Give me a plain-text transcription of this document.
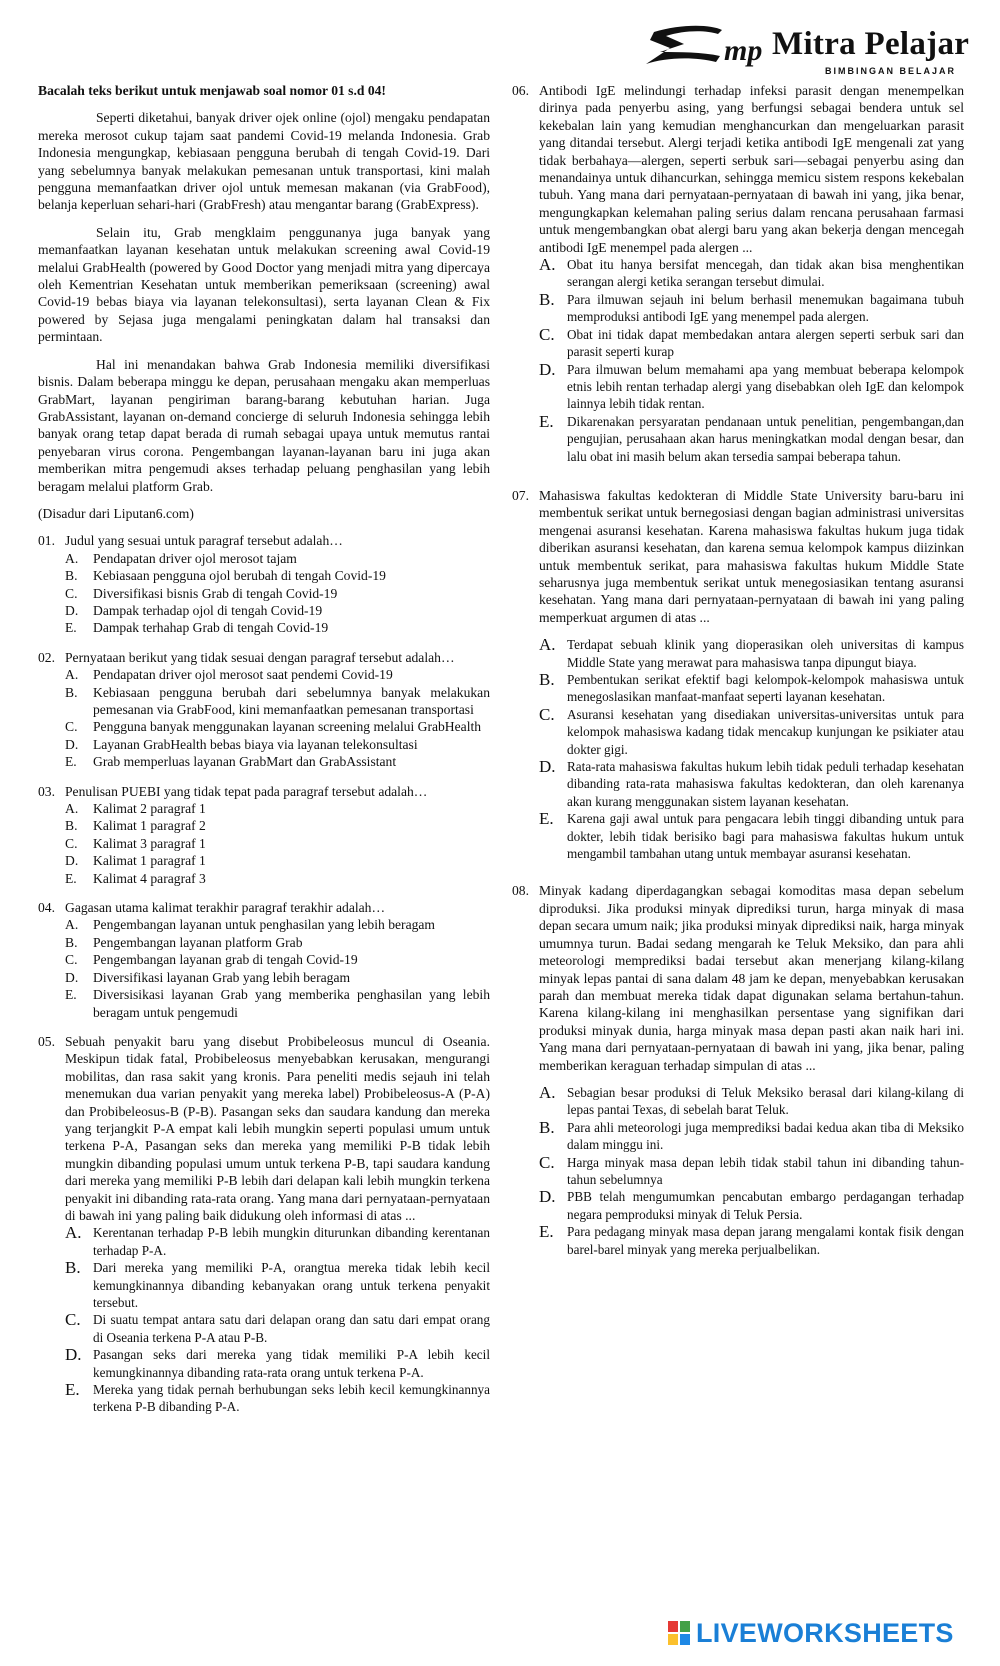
mp Mitra Pelajar
BIMBINGAN BELAJAR

Bacalah teks berikut untuk menjawab soal nomor 01 s.d 04!

Seperti diketahui, banyak driver ojek online (ojol) mengaku pendapatan mereka merosot cukup tajam saat pandemi Covid-19 melanda Indonesia. Grab Indonesia mengungkap, kebiasaan pengguna berubah di tengah Covid-19. Dari yang sebelumnya banyak melakukan pemesanan untuk transportasi, kini malah pengguna memanfaatkan driver ojol untuk memesan makanan (via GrabFood), belanja keperluan sehari-hari (GrabFresh) atau mengantar barang (GrabExpress).

Selain itu, Grab mengklaim penggunanya juga banyak yang memanfaatkan layanan kesehatan untuk melakukan screening awal Covid-19 melalui GrabHealth (powered by Good Doctor yang menjadi mitra yang dipercaya oleh Kementrian Kesehatan untuk memberikan pemeriksaan (screening) awal Covid-19 bebas biaya via layanan telekonsultasi), serta layanan Clean & Fix powered by Sejasa juga mengalami peningkatan dalam hal transaksi dan permintaan.

Hal ini menandakan bahwa Grab Indonesia memiliki diversifikasi bisnis. Dalam beberapa minggu ke depan, perusahaan mengaku akan memperluas GrabMart, layanan pengiriman barang-barang kebutuhan harian. Juga GrabAssistant, layanan on-demand concierge di seluruh Indonesia sehingga lebih banyak orang tetap dapat berada di rumah sebagai upaya untuk memutus rantai penyebaran virus corona. Pengembangan layanan-layanan baru ini juga akan memberikan mitra pengemudi akses terhadap peluang penghasilan yang lebih beragam melalui platform Grab.

(Disadur dari Liputan6.com)

01. Judul yang sesuai untuk paragraf tersebut adalah…

A.	Pendapatan driver ojol merosot tajam
B.	Kebiasaan pengguna ojol berubah di tengah Covid-19
C.	Diversifikasi bisnis Grab di tengah Covid-19
D.	Dampak terhadap ojol di tengah Covid-19
E.	Dampak terhahap Grab di tengah Covid-19
02. Pernyataan berikut yang tidak sesuai dengan paragraf tersebut adalah…

A.	Pendapatan driver ojol merosot saat pendemi Covid-19
B.	Kebiasaan pengguna berubah dari sebelumnya banyak melakukan pemesanan via GrabFood, kini memanfaatkan pemesanan transportasi
C.	Pengguna banyak menggunakan layanan screening melalui GrabHealth
D.	Layanan GrabHealth bebas biaya via layanan telekonsultasi
E.	Grab memperluas layanan GrabMart dan GrabAssistant
03. Penulisan PUEBI yang tidak tepat pada paragraf tersebut adalah…

A.	Kalimat 2 paragraf 1
B.	Kalimat 1 paragraf 2
C.	Kalimat 3 paragraf 1
D.	Kalimat 1 paragraf 1
E.	Kalimat 4 paragraf 3
04. Gagasan utama kalimat terakhir paragraf terakhir adalah…

A.	Pengembangan layanan untuk penghasilan yang lebih beragam
B.	Pengembangan layanan platform Grab
C.	Pengembangan layanan grab di tengah Covid-19
D.	Diversifikasi layanan Grab yang lebih beragam
E.	Diversisikasi layanan Grab yang memberika penghasilan yang lebih beragam untuk pengemudi
05. Sebuah penyakit baru yang disebut Probibeleosus muncul di Oseania. Meskipun tidak fatal, Probibeleosus menyebabkan kerusakan, mengurangi mobilitas, dan rasa sakit yang kronis. Para peneliti medis sejauh ini telah menemukan dua varian penyakit yang mereka label) Probibeleosus-A (P-A) dan Probibeleosus-B (P-B). Pasangan seks dan saudara kandung dan mereka yang terjangkit P-A empat kali lebih mungkin seperti populasi umum untuk terkena P-A, Pasangan seks dan mereka yang memiliki P-B tidak lebih mungkin dibanding populasi umum untuk terkena P-B, tapi saudara kandung dari mereka yang memiliki P-B lebih dari delapan kali lebih mungkin terkena penyakit ini dibanding rata-rata orang. Yang mana dari pernyataan-pernyataan di bawah ini yang paling baik didukung oleh informasi di atas ...

A. Kerentanan terhadap P-B lebih mungkin diturunkan dibanding kerentanan terhadap P-A.
B. Dari mereka yang memiliki P-A, orangtua mereka tidak lebih kecil kemungkinannya dibanding kebanyakan orang untuk terkena penyakit tersebut.
C. Di suatu tempat antara satu dari delapan orang dan satu dari empat orang di Oseania terkena P-A atau P-B.
D. Pasangan seks dari mereka yang tidak memiliki P-A lebih kecil kemungkinannya dibanding rata-rata orang untuk terkena P-A.
E.	Mereka yang tidak pernah berhubungan seks lebih kecil kemungkinannya terkena P-B dibanding P-A.
06. Antibodi IgE melindungi terhadap infeksi parasit dengan menempelkan dirinya pada penyerbu asing, yang berfungsi sebagai bendera untuk sel kekebalan lain yang kemudian menghancurkan dan mengeluarkan parasit yang ditandai tersebut. Alergi terjadi ketika antibodi IgE mengenali zat yang tidak berbahaya—alergen, seperti serbuk sari—sebagai penyerbu asing dan menandainya untuk dihancurkan, sehingga memicu sistem respons kekebalan tubuh. Yang mana dari pernyataan-pernyataan di bawah ini yang, jika benar, mengungkapkan kelemahan paling serius dalam rencana perusahaan farmasi untuk mengembangkan obat alergi baru yang akan bekerja dengan mencegah antibodi IgE menempel pada alergen ...

A. Obat itu hanya bersifat mencegah, dan tidak akan bisa menghentikan serangan alergi ketika serangan tersebut dimulai.
B. Para ilmuwan sejauh ini belum berhasil menemukan bagaimana tubuh memproduksi antibodi IgE yang menempel pada alergen.
C. Obat ini tidak dapat membedakan antara alergen seperti serbuk sari dan parasit seperti kurap
D. Para ilmuwan belum memahami apa yang membuat beberapa kelompok etnis lebih rentan terhadap alergi yang disebabkan oleh IgE dan kelompok lainnya lebih tidak rentan.
E.	Dikarenakan persyaratan pendanaan untuk penelitian, pengembangan,dan pengujian, perusahaan akan harus meningkatkan modal dengan besar, dan lalu obat ini masih belum akan tersedia sampai beberapa tahun.
07. Mahasiswa fakultas kedokteran di Middle State University baru-baru ini membentuk serikat untuk bernegosiasi dengan bagian administrasi universitas mengenai asuransi kesehatan. Karena mahasiswa fakultas hukum juga tidak diberikan asuransi kesehatan, dan karena semua kelompok kampus diizinkan untuk membentuk serikat, para mahasiswa fakultas hukum Middle State seharusnya juga membentuk serikat untuk menegosiasikan tentang asuransi kesehatan. Yang mana dari pernyataan-pernyataan di bawah ini yang paling memperkuat argumen di atas ...

A. Terdapat sebuah klinik yang dioperasikan oleh universitas di kampus Middle State yang merawat para mahasiswa tanpa dipungut biaya.
B. Pembentukan serikat efektif bagi kelompok-kelompok mahasiswa untuk menegoslasikan manfaat-manfaat seperti layanan kesehatan.
C. Asuransi kesehatan yang disediakan universitas-universitas untuk para kelompok mahasiswa kadang tidak mencakup kunjungan ke psikiater atau dokter gigi.
D. Rata-rata mahasiswa fakultas hukum lebih tidak peduli terhadap kesehatan dibanding rata-rata mahasiswa fakultas kedokteran, dan oleh karenanya akan kurang menggunakan sistem layanan kesehatan.
E.	Karena gaji awal untuk para pengacara lebih tinggi dibanding untuk para dokter, lebih tidak berisiko bagi para mahasiswa fakultas hukum untuk mengambil tambahan utang untuk membayar asuransi kesehatan.
08. Minyak kadang diperdagangkan sebagai komoditas masa depan sebelum diproduksi. Jika produksi minyak diprediksi turun, harga minyak di masa depan secara umum naik; jika produksi minyak diprediksi naik, harga minyak umumnya turun. Badai sedang mengarah ke Teluk Meksiko, dan para ahli meteorologi memprediksi badai tersebut akan menerjang kilang-kilang minyak lepas pantai di sana dalam 48 jam ke depan, menyebabkan kerusakan parah dan membuat mereka tidak dapat digunakan selama bertahun-tahun. Karena kilang-kilang ini menghasilkan persentase yang signifikan dari produksi minyak dunia, harga minyak masa depan pasti akan naik hari ini. Yang mana dari pernyataan-pernyataan di bawah ini yang, jika benar, paling memberikan keraguan terhadap simpulan di atas ...

A. Sebagian besar produksi di Teluk Meksiko berasal dari kilang-kilang di lepas pantai Texas, di sebelah barat Teluk.
B. Para ahli meteorologi juga memprediksi badai kedua akan tiba di Meksiko dalam minggu ini.
C. Harga minyak masa depan lebih tidak stabil tahun ini dibanding tahun-tahun sebelumnya
D. PBB telah mengumumkan pencabutan embargo perdagangan terhadap negara pemproduksi minyak di Teluk Persia.
E.	Para pedagang minyak masa depan jarang mengalami kontak fisik dengan barel-barel minyak yang mereka perjualbelikan.
LIVEWORKSHEETS
